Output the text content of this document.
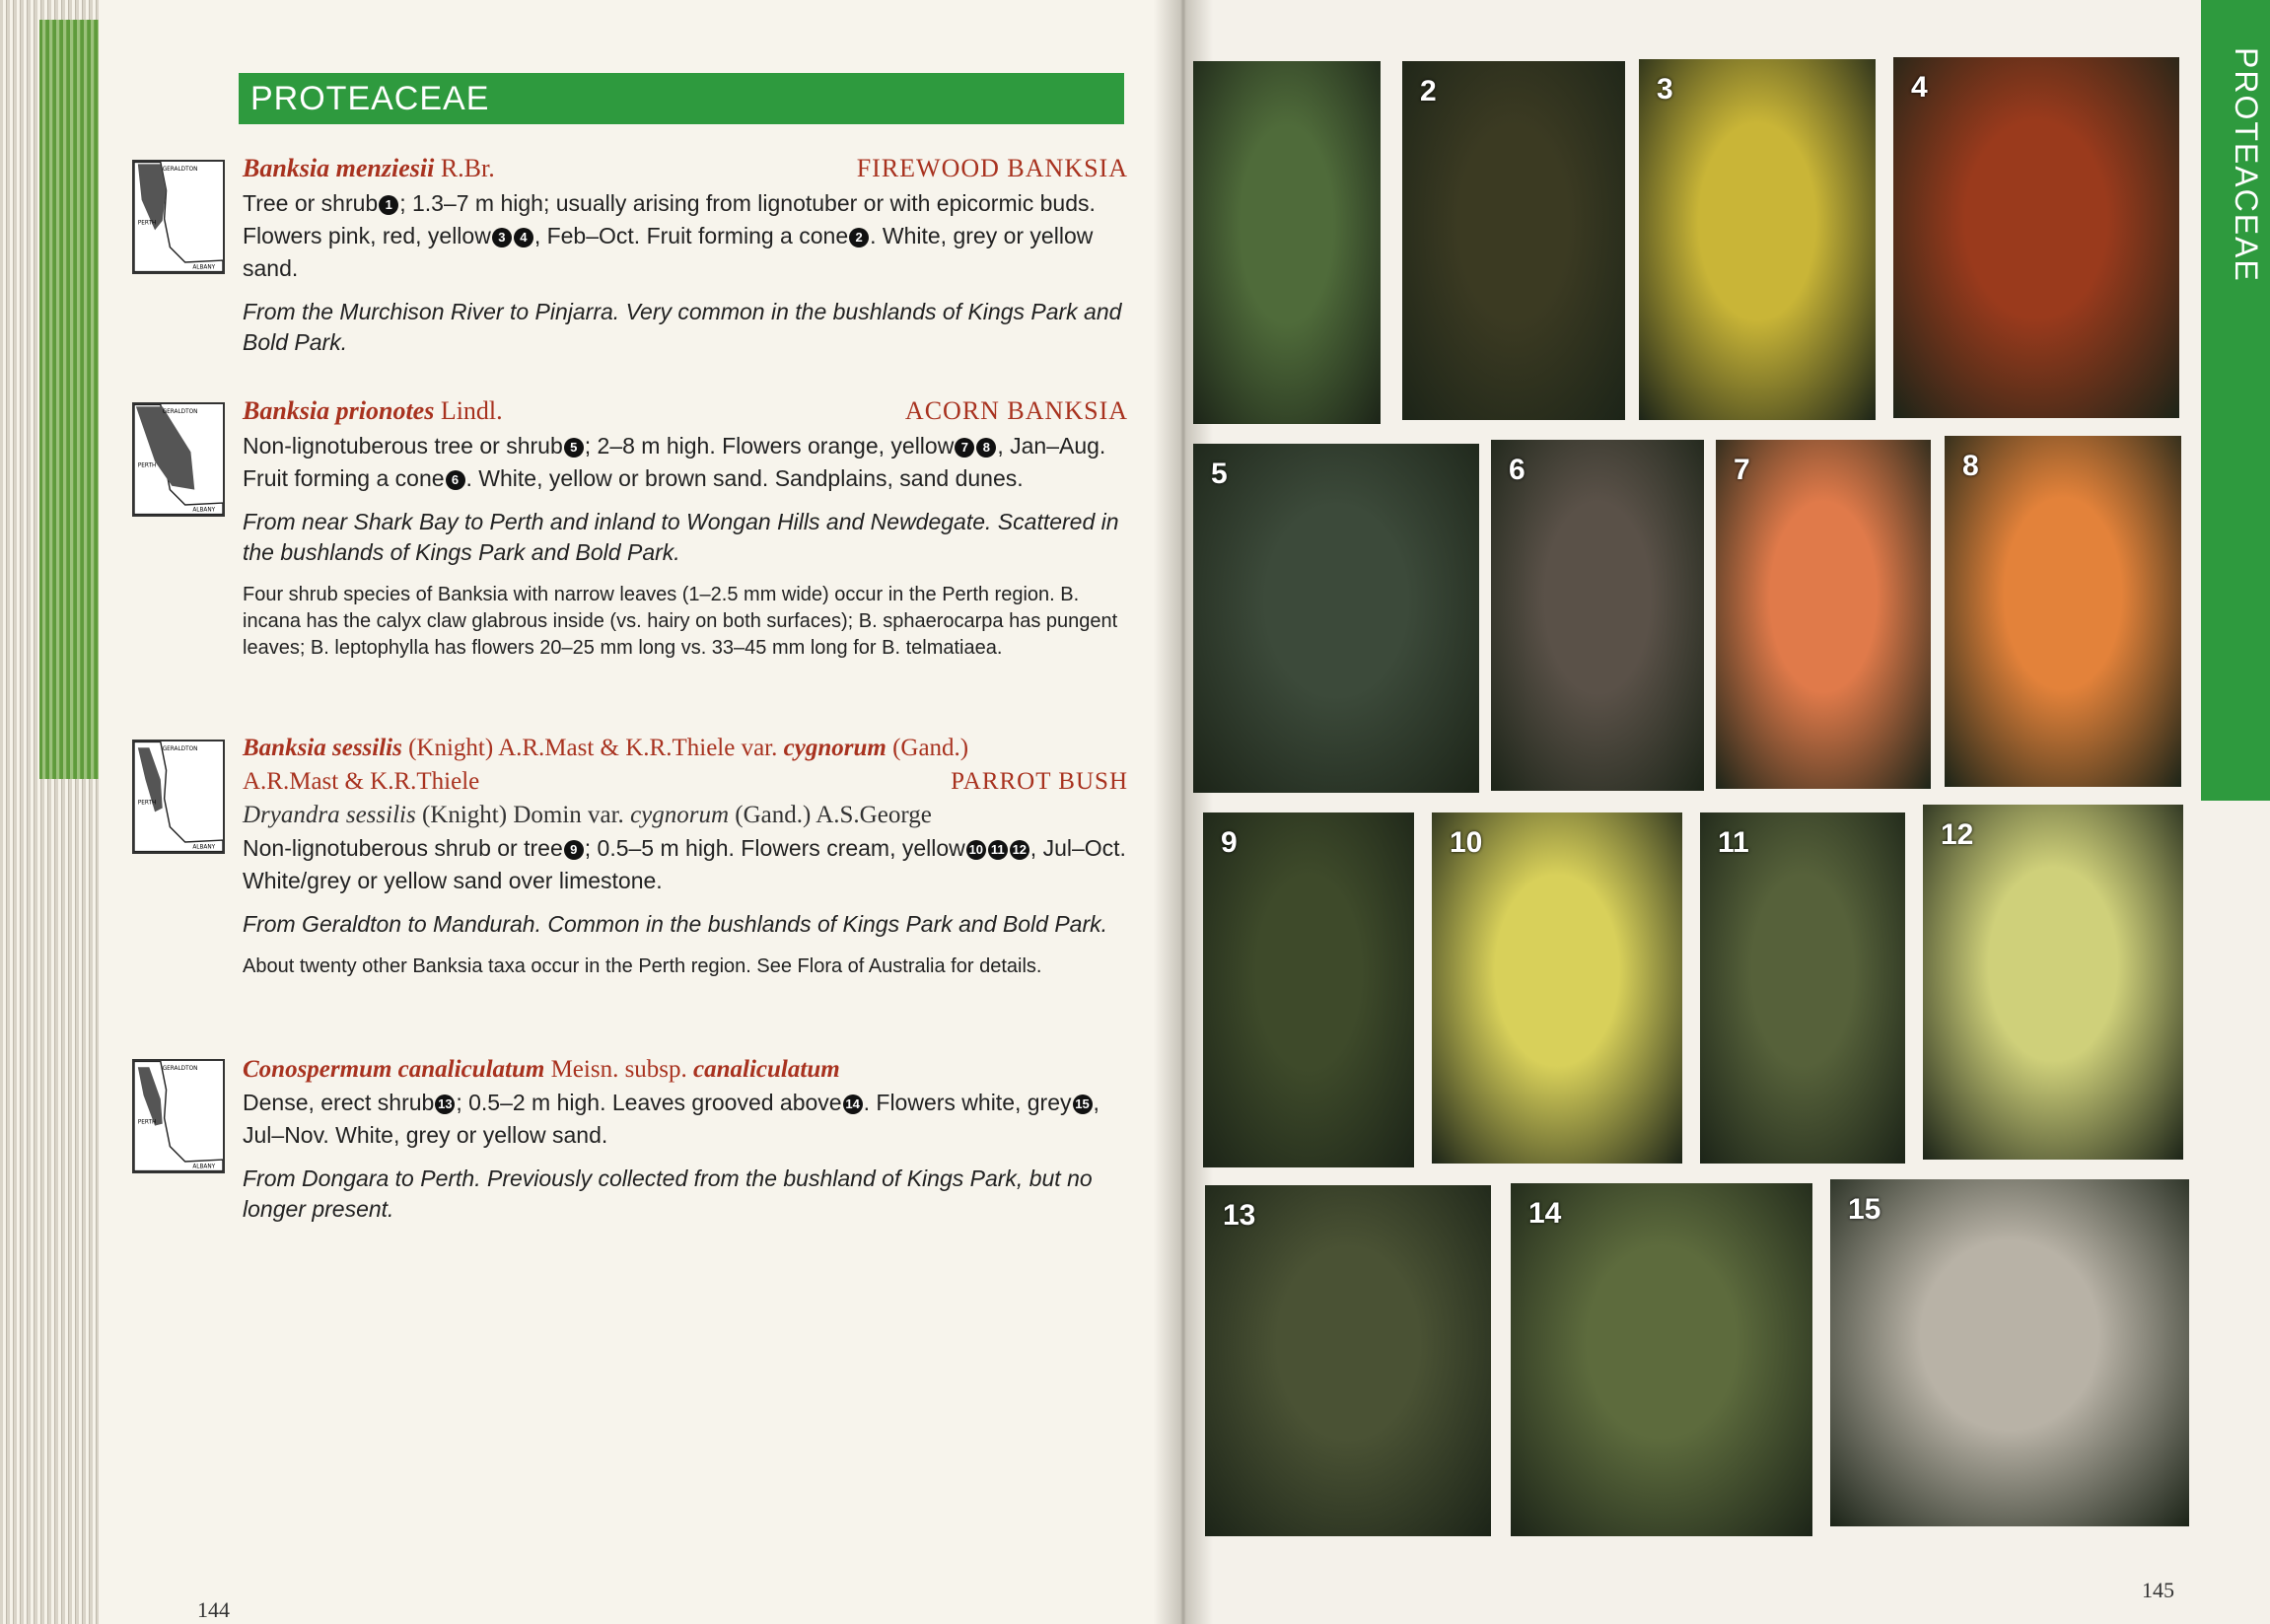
PROTEACEAE
GERALDTON
PERTH
ALBANY
GERALDTON
PERTH
ALBANY
GERALDTON
PERTH
ALBANY
GERALDTON
PERTH
ALBANY
Banksia menziesii R.Br.	FIREWOOD BANKSIA
Tree or shrub 1 ; 1.3–7 m high; usually arising from lignotuber or with epicormic buds. Flowers pink, red, yellow 3 4 , Feb–Oct. Fruit forming a cone 2 . White, grey or yellow sand.
From the Murchison River to Pinjarra. Very common in the bushlands of Kings Park and Bold Park.
Banksia prionotes Lindl.	ACORN BANKSIA
Non-lignotuberous tree or shrub 5 ; 2–8 m high. Flowers orange, yellow 7 8 , Jan–Aug. Fruit forming a cone 6 . White, yellow or brown sand. Sandplains, sand dunes.
From near Shark Bay to Perth and inland to Wongan Hills and Newdegate. Scattered in the bushlands of Kings Park and Bold Park.
Four shrub species of Banksia with narrow leaves (1–2.5 mm wide) occur in the Perth region. B. incana has the calyx claw glabrous inside (vs. hairy on both surfaces); B. sphaerocarpa has pungent leaves; B. leptophylla has flowers 20–25 mm long vs. 33–45 mm long for B. telmatiaea.
Banksia sessilis (Knight) A.R.Mast & K.R.Thiele var. cygnorum (Gand.)
A.R.Mast & K.R.Thiele	PARROT BUSH
Dryandra sessilis (Knight) Domin var. cygnorum (Gand.) A.S.George
Non-lignotuberous shrub or tree 9 ; 0.5–5 m high. Flowers cream, yellow 10 11 12 , Jul–Oct. White/grey or yellow sand over limestone.
From Geraldton to Mandurah. Common in the bushlands of Kings Park and Bold Park.
About twenty other Banksia taxa occur in the Perth region. See Flora of Australia for details.
Conospermum canaliculatum Meisn. subsp. canaliculatum
Dense, erect shrub 13 ; 0.5–2 m high. Leaves grooved above 14 . Flowers white, grey 15 , Jul–Nov. White, grey or yellow sand.
From Dongara to Perth. Previously collected from the bushland of Kings Park, but no longer present.
144
PROTEACEAE
2	3	4
5	6	7	8
9	10	11	12
13	14	15
145
